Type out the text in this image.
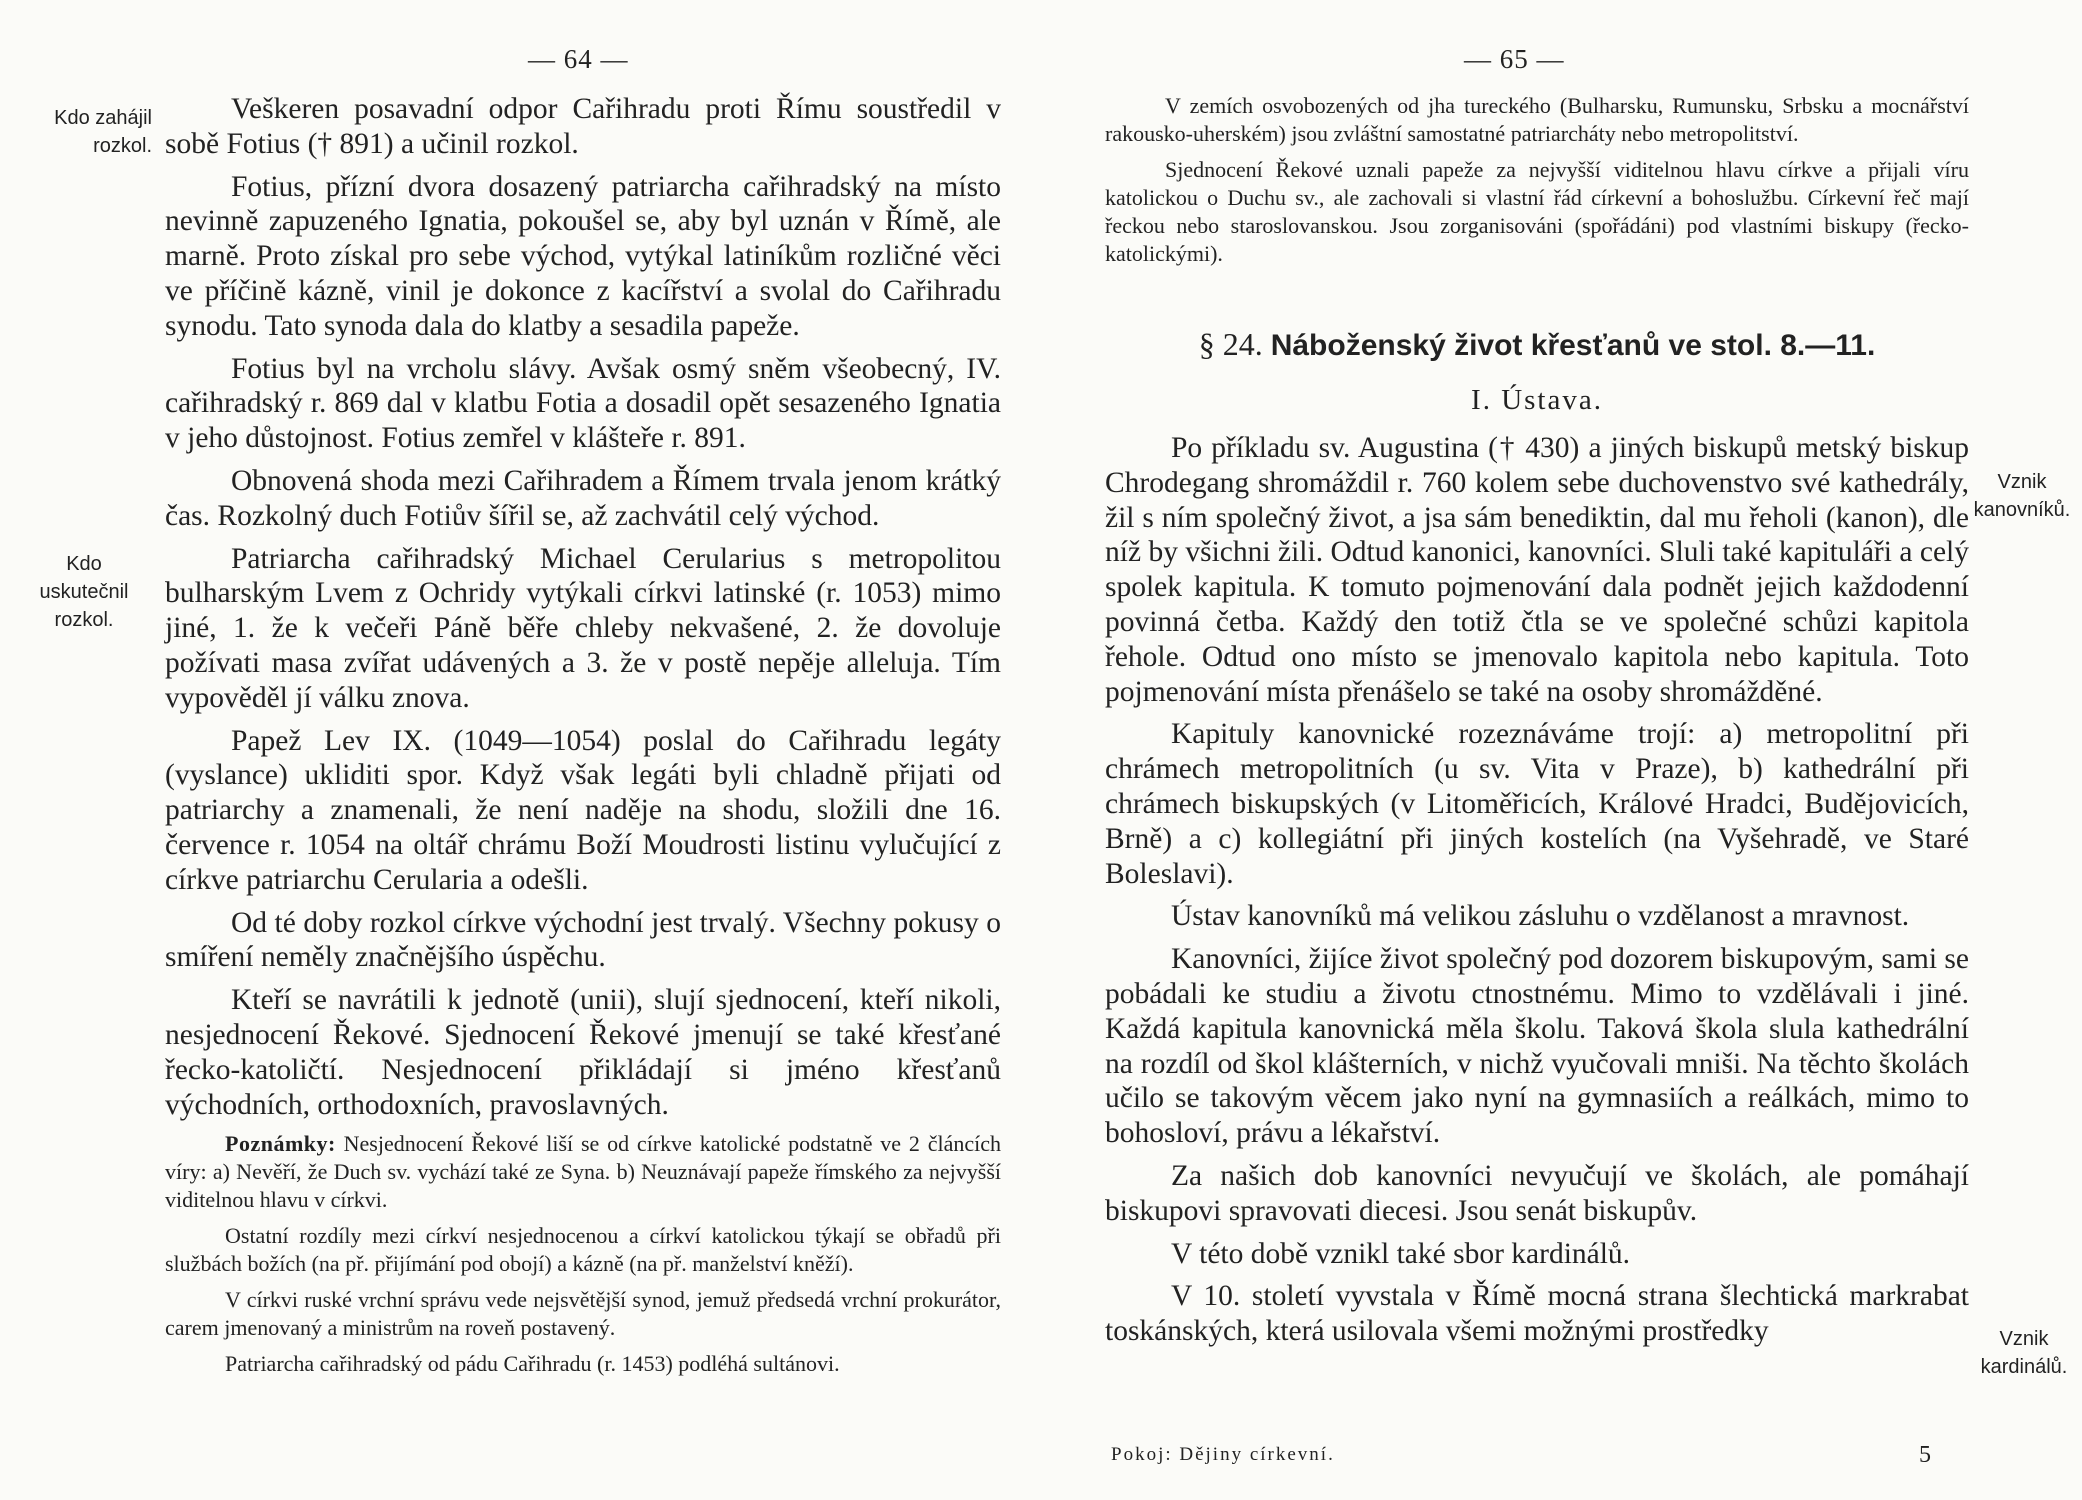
— 64 —
Kdo zahájil rozkol.
Kdo uskutečnil rozkol.

Veškeren posavadní odpor Cařihradu proti Římu soustředil v sobě Fotius († 891) a učinil rozkol.

Fotius, přízní dvora dosazený patriarcha cařihradský na místo nevinně zapuzeného Ignatia, pokoušel se, aby byl uznán v Římě, ale marně. Proto získal pro sebe východ, vytýkal latiníkům rozličné věci ve příčině kázně, vinil je dokonce z kacířství a svolal do Cařihradu synodu. Tato synoda dala do klatby a sesadila papeže.

Fotius byl na vrcholu slávy. Avšak osmý sněm všeobecný, IV. cařihradský r. 869 dal v klatbu Fotia a dosadil opět sesazeného Ignatia v jeho důstojnost. Fotius zemřel v klášteře r. 891.

Obnovená shoda mezi Cařihradem a Římem trvala jenom krátký čas. Rozkolný duch Fotiův šířil se, až zachvátil celý východ.

Patriarcha cařihradský Michael Cerularius s metropolitou bulharským Lvem z Ochridy vytýkali církvi latinské (r. 1053) mimo jiné, 1. že k večeři Páně běře chleby nekvašené, 2. že dovoluje požívati masa zvířat udávených a 3. že v postě nepěje alleluja. Tím vypověděl jí válku znova.

Papež Lev IX. (1049—1054) poslal do Cařihradu legáty (vyslance) ukliditi spor. Když však legáti byli chladně přijati od patriarchy a znamenali, že není naděje na shodu, složili dne 16. července r. 1054 na oltář chrámu Boží Moudrosti listinu vylučující z církve patriarchu Cerularia a odešli.

Od té doby rozkol církve východní jest trvalý. Všechny pokusy o smíření neměly značnějšího úspěchu.

Kteří se navrátili k jednotě (unii), slují sjednocení, kteří nikoli, nesjednocení Řekové. Sjednocení Řekové jmenují se také křesťané řecko-katoličtí. Nesjednocení přikládají si jméno křesťanů východních, orthodoxních, pravoslavných.

Poznámky: Nesjednocení Řekové liší se od církve katolické podstatně ve 2 článcích víry: a) Nevěří, že Duch sv. vychází také ze Syna. b) Neuznávají papeže římského za nejvyšší viditelnou hlavu v církvi.

Ostatní rozdíly mezi církví nesjednocenou a církví katolickou týkají se obřadů při službách božích (na př. přijímání pod obojí) a kázně (na př. manželství kněží).

V církvi ruské vrchní správu vede nejsvětější synod, jemuž předsedá vrchní prokurátor, carem jmenovaný a ministrům na roveň postavený.

Patriarcha cařihradský od pádu Cařihradu (r. 1453) podléhá sultánovi.

— 65 —
Vznik kanovníků.
Vznik kardinálů.

V zemích osvobozených od jha tureckého (Bulharsku, Rumunsku, Srbsku a mocnářství rakousko-uherském) jsou zvláštní samostatné patriarcháty nebo metropolitství.

Sjednocení Řekové uznali papeže za nejvyšší viditelnou hlavu církve a přijali víru katolickou o Duchu sv., ale zachovali si vlastní řád církevní a bohoslužbu. Církevní řeč mají řeckou nebo staroslovanskou. Jsou zorganisováni (spořádáni) pod vlastními biskupy (řecko-katolickými).

§ 24. Náboženský život křesťanů ve stol. 8.—11.
I. Ústava.

Po příkladu sv. Augustina († 430) a jiných biskupů metský biskup Chrodegang shromáždil r. 760 kolem sebe duchovenstvo své kathedrály, žil s ním společný život, a jsa sám benediktin, dal mu řeholi (kanon), dle níž by všichni žili. Odtud kanonici, kanovníci. Sluli také kapituláři a celý spolek kapitula. K tomuto pojmenování dala podnět jejich každodenní povinná četba. Každý den totiž čtla se ve společné schůzi kapitola řehole. Odtud ono místo se jmenovalo kapitola nebo kapitula. Toto pojmenování místa přenášelo se také na osoby shromážděné.

Kapituly kanovnické rozeznáváme trojí: a) metropolitní při chrámech metropolitních (u sv. Vita v Praze), b) kathedrální při chrámech biskupských (v Litoměřicích, Králové Hradci, Budějovicích, Brně) a c) kollegiátní při jiných kostelích (na Vyšehradě, ve Staré Boleslavi).

Ústav kanovníků má velikou zásluhu o vzdělanost a mravnost.

Kanovníci, žijíce život společný pod dozorem biskupovým, sami se pobádali ke studiu a životu ctnostnému. Mimo to vzdělávali i jiné. Každá kapitula kanovnická měla školu. Taková škola slula kathedrální na rozdíl od škol klášterních, v nichž vyučovali mniši. Na těchto školách učilo se takovým věcem jako nyní na gymnasiích a reálkách, mimo to bohosloví, právu a lékařství.

Za našich dob kanovníci nevyučují ve školách, ale pomáhají biskupovi spravovati diecesi. Jsou senát biskupův.

V této době vznikl také sbor kardinálů.

V 10. století vyvstala v Římě mocná strana šlechtická markrabat toskánských, která usilovala všemi možnými prostředky

Pokoj: Dějiny církevní.	5
